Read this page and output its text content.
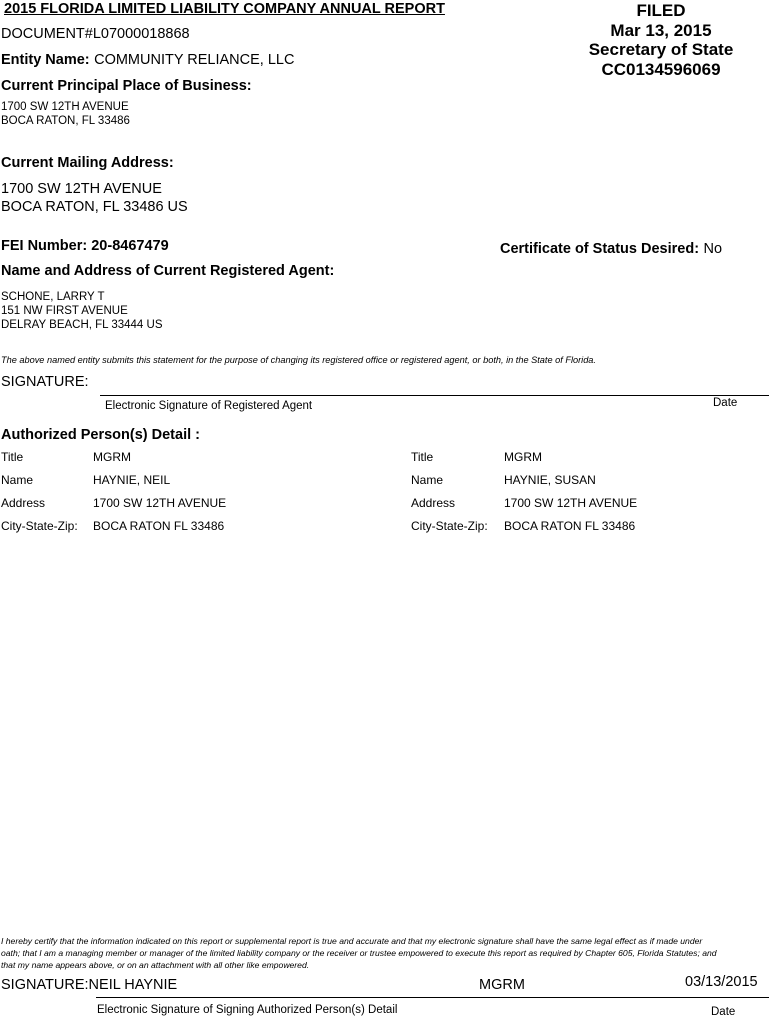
2015 FLORIDA LIMITED LIABILITY COMPANY ANNUAL REPORT
DOCUMENT#L07000018868
Entity Name: COMMUNITY RELIANCE, LLC
FILED
Mar 13, 2015
Secretary of State
CC0134596069
Current Principal Place of Business:
1700 SW 12TH AVENUE
BOCA RATON, FL 33486
Current Mailing Address:
1700 SW 12TH AVENUE
BOCA RATON, FL 33486 US
FEI Number: 20-8467479	Certificate of Status Desired: No
Name and Address of Current Registered Agent:
SCHONE, LARRY T
151 NW FIRST AVENUE
DELRAY BEACH, FL 33444 US
The above named entity submits this statement for the purpose of changing its registered office or registered agent, or both, in the State of Florida.
SIGNATURE:
Electronic Signature of Registered Agent	Date
Authorized Person(s) Detail :
Title	MGRM
Name	HAYNIE, NEIL
Address	1700 SW 12TH AVENUE
City-State-Zip: BOCA RATON FL 33486
Title	MGRM
Name	HAYNIE, SUSAN
Address	1700 SW 12TH AVENUE
City-State-Zip: BOCA RATON FL 33486
I hereby certify that the information indicated on this report or supplemental report is true and accurate and that my electronic signature shall have the same legal effect as if made under
oath; that I am a managing member or manager of the limited liability company or the receiver or trustee empowered to execute this report as required by Chapter 605, Florida Statutes; and
that my name appears above, or on an attachment with all other like empowered.
SIGNATURE:NEIL HAYNIE	MGRM	03/13/2015
Electronic Signature of Signing Authorized Person(s) Detail	Date
